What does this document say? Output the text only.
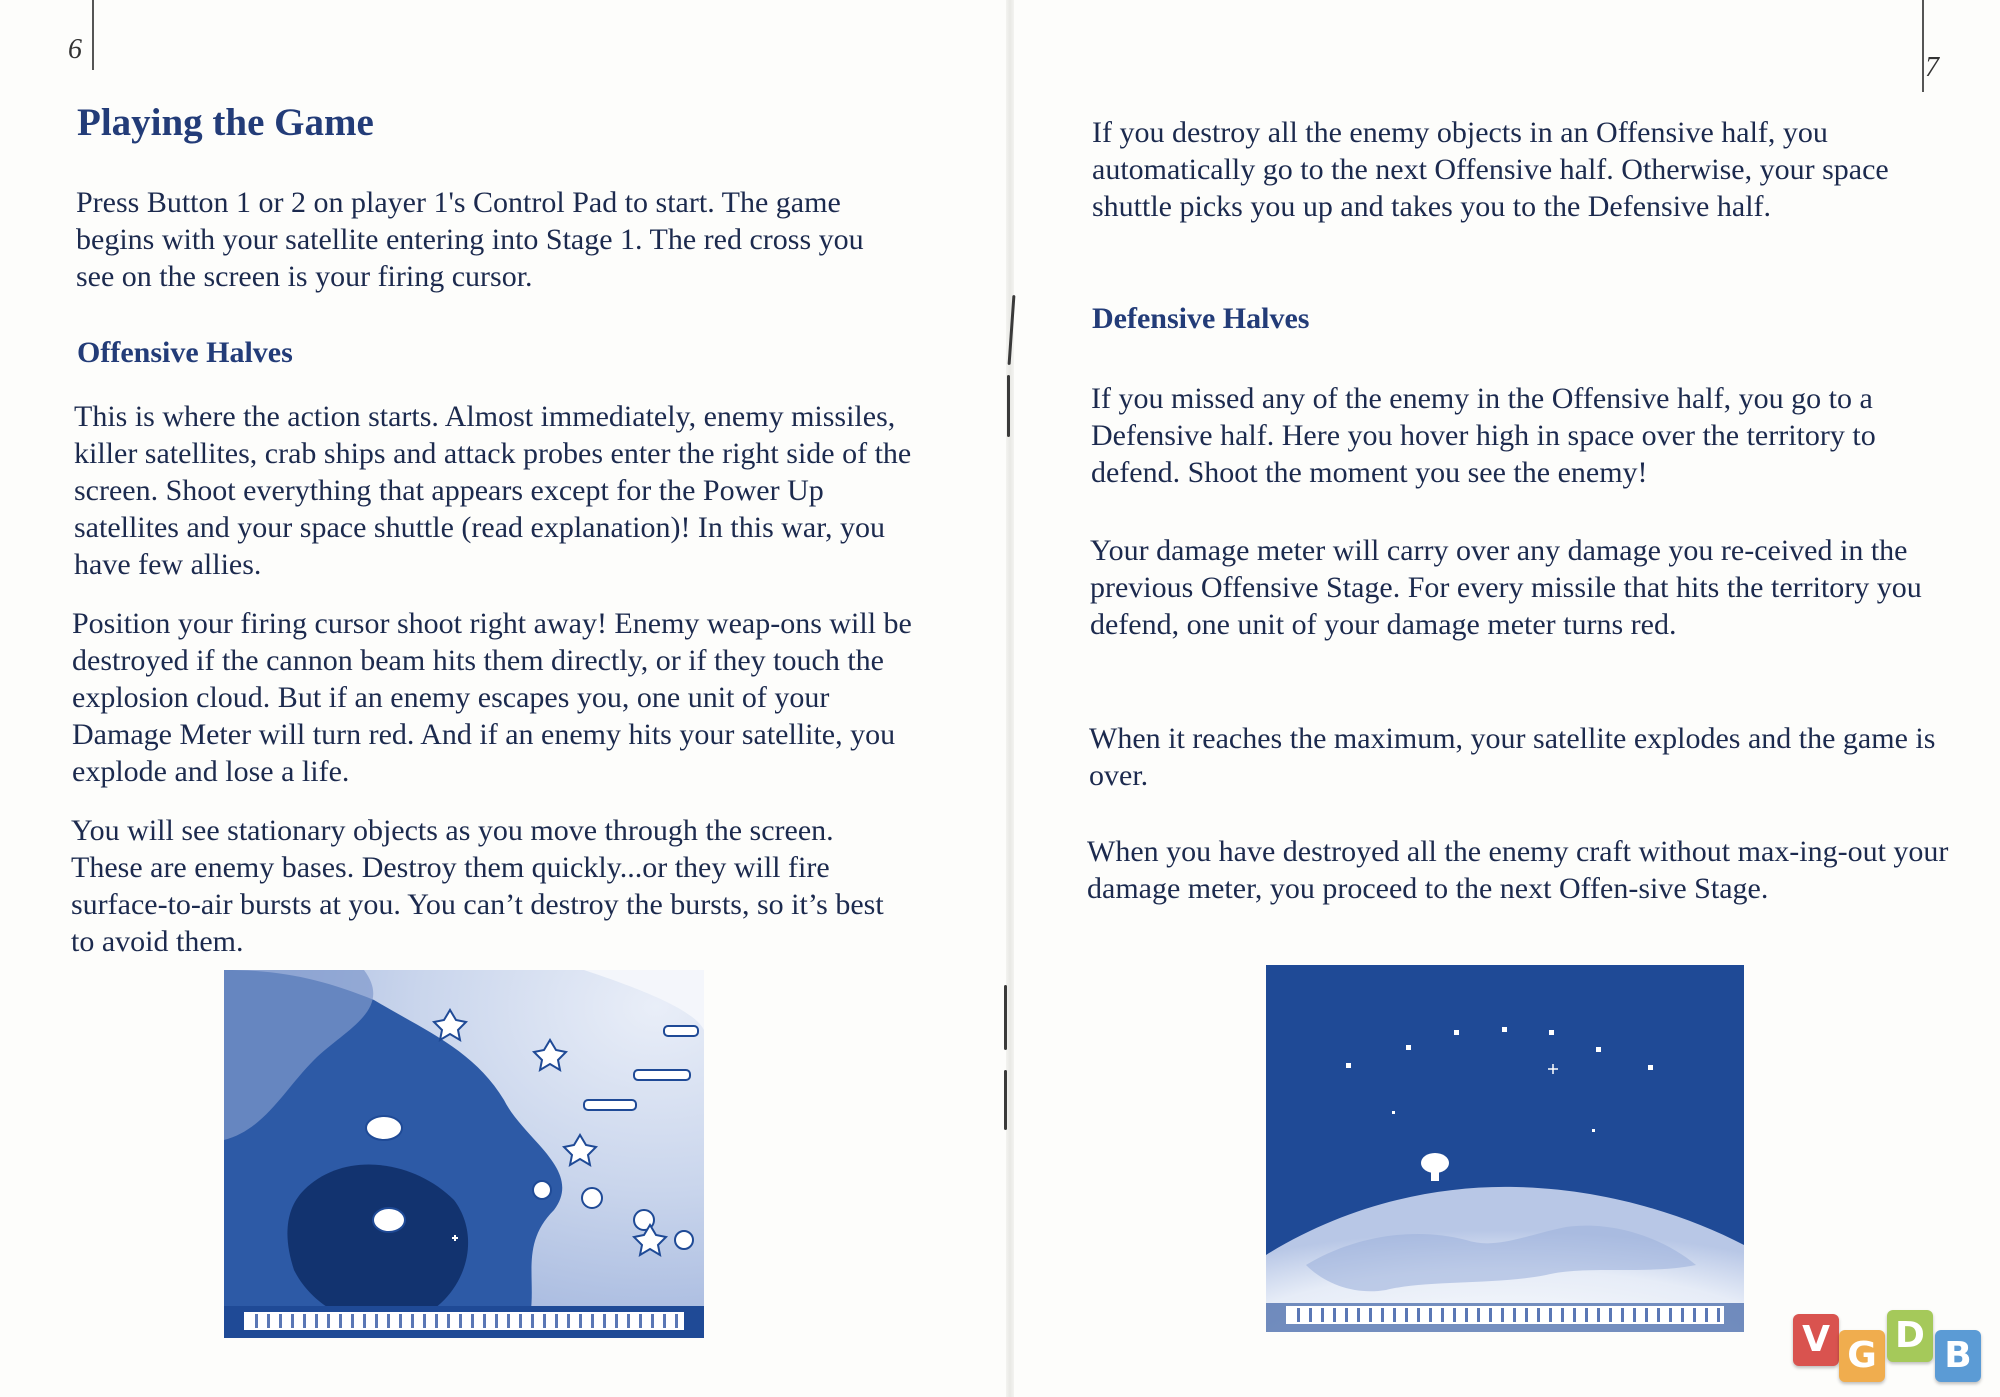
6
Playing the Game

Press Button 1 or 2 on player 1's Control Pad to start. The game begins with your satellite entering into Stage 1. The red cross you see on the screen is your firing cursor.

Offensive Halves

This is where the action starts. Almost immediately, enemy missiles, killer satellites, crab ships and attack probes enter the right side of the screen. Shoot everything that appears except for the Power Up satellites and your space shuttle (read explanation)! In this war, you have few allies.

Position your firing cursor shoot right away! Enemy weap-ons will be destroyed if the cannon beam hits them directly, or if they touch the explosion cloud. But if an enemy escapes you, one unit of your Damage Meter will turn red. And if an enemy hits your satellite, you explode and lose a life.

You will see stationary objects as you move through the screen. These are enemy bases. Destroy them quickly...or they will fire surface-to-air bursts at you. You can’t destroy the bursts, so it’s best to avoid them.

7

If you destroy all the enemy objects in an Offensive half, you automatically go to the next Offensive half. Otherwise, your space shuttle picks you up and takes you to the Defensive half.

Defensive Halves

If you missed any of the enemy in the Offensive half, you go to a Defensive half. Here you hover high in space over the territory to defend. Shoot the moment you see the enemy!

Your damage meter will carry over any damage you re-ceived in the previous Offensive Stage. For every missile that hits the territory you defend, one unit of your damage meter turns red.

When it reaches the maximum, your satellite explodes and the game is over.

When you have destroyed all the enemy craft without max-ing-out your damage meter, you proceed to the next Offen-sive Stage.

V G D B
